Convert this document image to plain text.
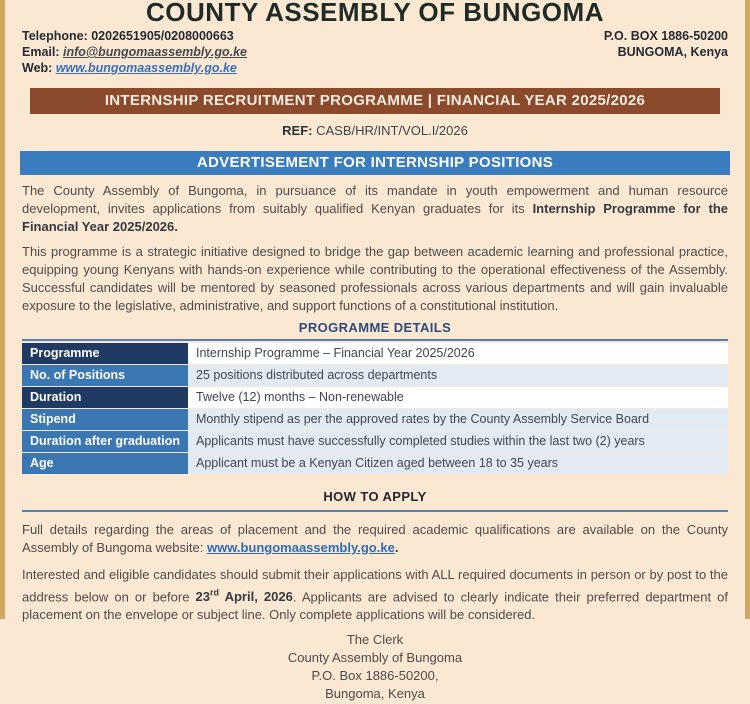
COUNTY ASSEMBLY OF BUNGOMA
Telephone: 0202651905/0208000663
Email: info@bungomaassembly.go.ke
Web: www.bungomaassembly.go.ke
P.O. BOX 1886-50200
BUNGOMA, Kenya
INTERNSHIP RECRUITMENT PROGRAMME | FINANCIAL YEAR 2025/2026
REF: CASB/HR/INT/VOL.I/2026
ADVERTISEMENT FOR INTERNSHIP POSITIONS

The County Assembly of Bungoma, in pursuance of its mandate in youth empowerment and human resource development, invites applications from suitably qualified Kenyan graduates for its Internship Programme for the Financial Year 2025/2026.

This programme is a strategic initiative designed to bridge the gap between academic learning and professional practice, equipping young Kenyans with hands-on experience while contributing to the operational effectiveness of the Assembly. Successful candidates will be mentored by seasoned professionals across various departments and will gain invaluable exposure to the legislative, administrative, and support functions of a constitutional institution.

PROGRAMME DETAILS
Programme	Internship Programme – Financial Year 2025/2026
No. of Positions	25 positions distributed across departments
Duration	Twelve (12) months – Non-renewable
Stipend	Monthly stipend as per the approved rates by the County Assembly Service Board
Duration after graduation	Applicants must have successfully completed studies within the last two (2) years
Age	Applicant must be a Kenyan Citizen aged between 18 to 35 years
HOW TO APPLY

Full details regarding the areas of placement and the required academic qualifications are available on the County Assembly of Bungoma website: www.bungomaassembly.go.ke.

Interested and eligible candidates should submit their applications with ALL required documents in person or by post to the address below on or before 23rd April, 2026. Applicants are advised to clearly indicate their preferred department of placement on the envelope or subject line. Only complete applications will be considered.

The Clerk
County Assembly of Bungoma
P.O. Box 1886-50200,
Bungoma, Kenya
